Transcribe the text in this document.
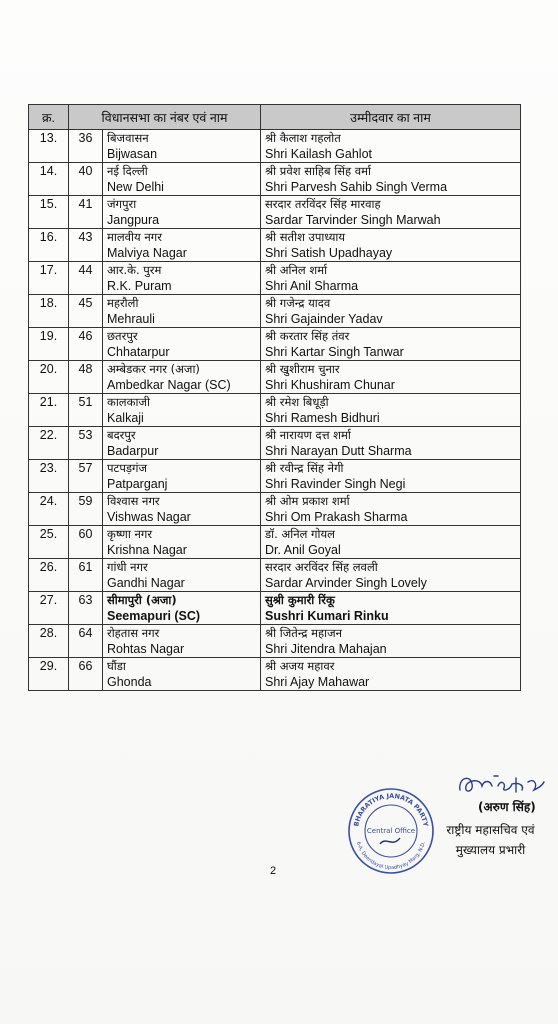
क्र.	विधानसभा का नंबर एवं नाम		उम्मीदवार का नाम
13.	36	बिजवासन
Bijwasan	श्री कैलाश गहलोत
Shri Kailash Gahlot

14.	40	नई दिल्ली
New Delhi	श्री प्रवेश साहिब सिंह वर्मा
Shri Parvesh Sahib Singh Verma

15.	41	जंगपुरा
Jangpura	सरदार तरविंदर सिंह मारवाह
Sardar Tarvinder Singh Marwah

16.	43	मालवीय नगर
Malviya Nagar	श्री सतीश उपाध्याय
Shri Satish Upadhayay

17.	44	आर.के. पुरम
R.K. Puram	श्री अनिल शर्मा
Shri Anil Sharma

18.	45	महरौली
Mehrauli	श्री गजेन्द्र यादव
Shri Gajainder Yadav

19.	46	छतरपुर
Chhatarpur	श्री करतार सिंह तंवर
Shri Kartar Singh Tanwar

20.	48	अम्बेडकर नगर (अजा)
Ambedkar Nagar (SC)	श्री खुशीराम चुनार
Shri Khushiram Chunar

21.	51	कालकाजी
Kalkaji	श्री रमेश बिधूड़ी
Shri Ramesh Bidhuri

22.	53	बदरपुर
Badarpur	श्री नारायण दत्त शर्मा
Shri Narayan Dutt Sharma

23.	57	पटपड़गंज
Patparganj	श्री रवीन्द्र सिंह नेगी
Shri Ravinder Singh Negi

24.	59	विश्वास नगर
Vishwas Nagar	श्री ओम प्रकाश शर्मा
Shri Om Prakash Sharma

25.	60	कृष्णा नगर
Krishna Nagar	डॉ. अनिल गोयल
Dr. Anil Goyal

26.	61	गांधी नगर
Gandhi Nagar	सरदार अरविंदर सिंह लवली
Sardar Arvinder Singh Lovely

27.	63	सीमापुरी (अजा)
Seemapuri (SC)	सुश्री कुमारी रिंकू
Sushri Kumari Rinku

28.	64	रोहतास नगर
Rohtas Nagar	श्री जितेन्द्र महाजन
Shri Jitendra Mahajan

29.	66	घौंडा
Ghonda	श्री अजय महावर
Shri Ajay Mahawar
(अरुण सिंह)
राष्ट्रीय महासचिव एवं
मुख्यालय प्रभारी
BHARATIYA JANATA PARTY
6-A, Deendayal Upadhyay Marg, N.D.
Central Office
2
